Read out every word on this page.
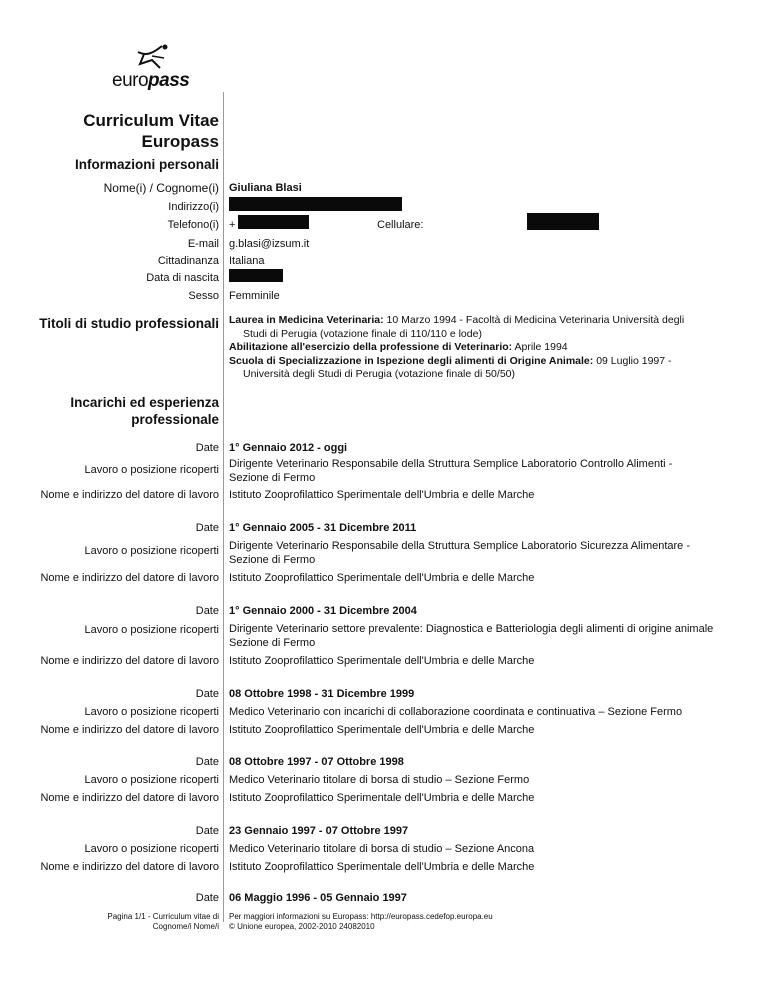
europass
Curriculum Vitae
Europass
Informazioni personali
Nome(i) / Cognome(i) Giuliana Blasi
Indirizzo(i)
Telefono(i) +	Cellulare:
E-mail g.blasi@izsum.it
Cittadinanza Italiana
Data di nascita
Sesso Femminile
Titoli di studio professionali Laurea in Medicina Veterinaria: 10 Marzo 1994 - Facoltà di Medicina Veterinaria Università degli
Studi di Perugia (votazione finale di 110/110 e lode)
Abilitazione all'esercizio della professione di Veterinario: Aprile 1994
Scuola di Specializzazione in Ispezione degli alimenti di Origine Animale: 09 Luglio 1997 -
Università degli Studi di Perugia (votazione finale di 50/50)
Incarichi ed esperienza
professionale
Date 1° Gennaio 2012 - oggi
Lavoro o posizione ricoperti Dirigente Veterinario Responsabile della Struttura Semplice Laboratorio Controllo Alimenti - Sezione di Fermo
Nome e indirizzo del datore di lavoro Istituto Zooprofilattico Sperimentale dell'Umbria e delle Marche
Date 1° Gennaio 2005 - 31 Dicembre 2011
Lavoro o posizione ricoperti Dirigente Veterinario Responsabile della Struttura Semplice Laboratorio Sicurezza Alimentare - Sezione di Fermo
Nome e indirizzo del datore di lavoro Istituto Zooprofilattico Sperimentale dell'Umbria e delle Marche
Date 1° Gennaio 2000 - 31 Dicembre 2004
Lavoro o posizione ricoperti Dirigente Veterinario settore prevalente: Diagnostica e Batteriologia degli alimenti di origine animale Sezione di Fermo
Nome e indirizzo del datore di lavoro Istituto Zooprofilattico Sperimentale dell'Umbria e delle Marche
Date 08 Ottobre 1998 - 31 Dicembre 1999
Lavoro o posizione ricoperti Medico Veterinario con incarichi di collaborazione coordinata e continuativa – Sezione Fermo
Nome e indirizzo del datore di lavoro Istituto Zooprofilattico Sperimentale dell'Umbria e delle Marche
Date 08 Ottobre 1997 - 07 Ottobre 1998
Lavoro o posizione ricoperti Medico Veterinario titolare di borsa di studio – Sezione Fermo
Nome e indirizzo del datore di lavoro Istituto Zooprofilattico Sperimentale dell'Umbria e delle Marche
Date 23 Gennaio 1997 - 07 Ottobre 1997
Lavoro o posizione ricoperti Medico Veterinario titolare di borsa di studio – Sezione Ancona
Nome e indirizzo del datore di lavoro Istituto Zooprofilattico Sperimentale dell'Umbria e delle Marche
Date 06 Maggio 1996 - 05 Gennaio 1997
Pagina 1/1 - Curriculum vitae di
Cognome/i Nome/i
Per maggiori informazioni su Europass: http://europass.cedefop.europa.eu
© Unione europea, 2002-2010 24082010
